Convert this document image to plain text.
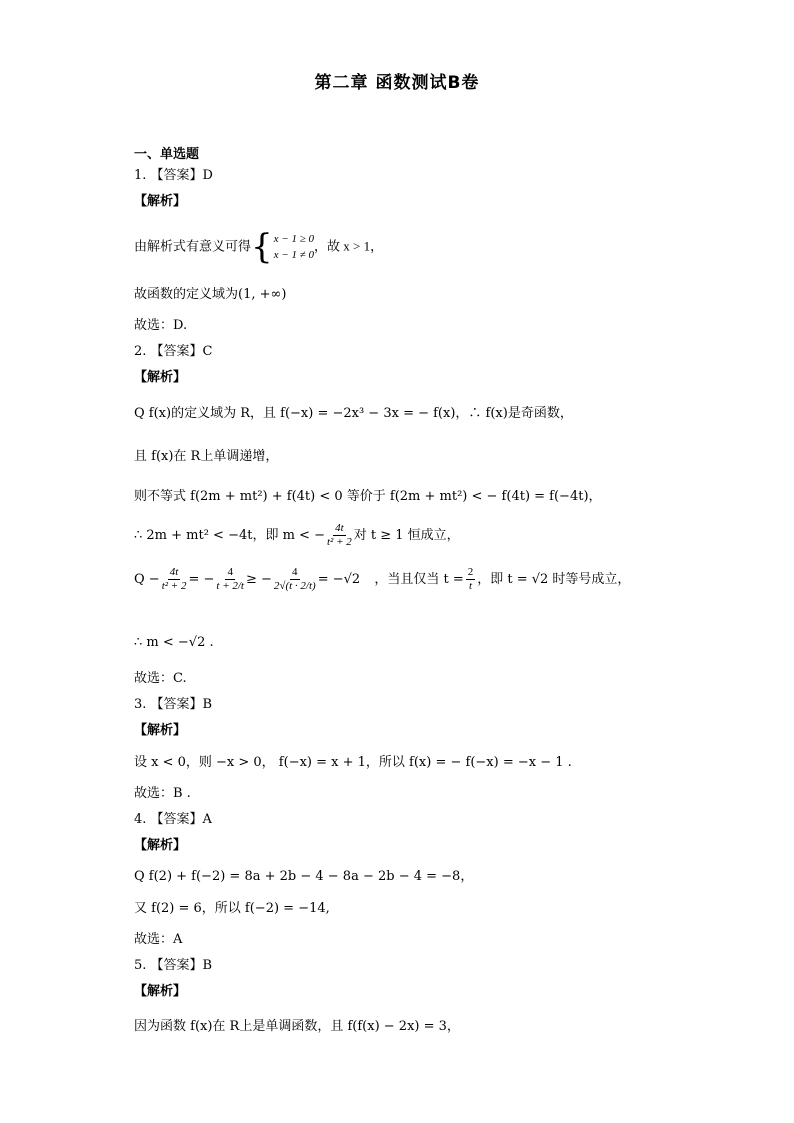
第二章 函数测试B卷
一、单选题
1. 【答案】D
【解析】
由解析式有意义可得 { x − 1 ≥ 0
x − 1 ≠ 0
，故 x > 1，
故函数的定义域为(1, +∞)
故选：D.
2. 【答案】C
【解析】
Q f(x)的定义域为 R，且 f(−x) = −2x³ − 3x = − f(x)，∴ f(x)是奇函数，
且 f(x)在 R上单调递增，
则不等式 f(2m + mt²) + f(4t) < 0 等价于 f(2m + mt²) < − f(4t) = f(−4t)，
∴ 2m + mt² < −4t，即 m < − $\frac{4t}{\text{t² + 2}}$ 对 t ≥ 1 恒成立，
$Q - \frac{4t}{\text{t² + 2}}$ = − $\frac{4}{t + 2/t}$ ≥ − $\frac{4}{2√(t \cdot 2/t)} = -√2$ ，当且仅当 $t = \frac{2}{t}$ ，即 t = √2 时等号成立，
∴ m < −√2 .
故选：C.
3. 【答案】B
【解析】
设 x < 0，则 −x > 0， f(−x) = x + 1，所以 f(x) = − f(−x) = −x − 1 .
故选：B .
4. 【答案】A
【解析】
Q f(2) + f(−2) = 8a + 2b − 4 − 8a − 2b − 4 = −8，
又 f(2) = 6，所以 f(−2) = −14,
故选：A
5. 【答案】B
【解析】
因为函数 f(x)在 R上是单调函数，且 f(f(x) − 2x) = 3，
